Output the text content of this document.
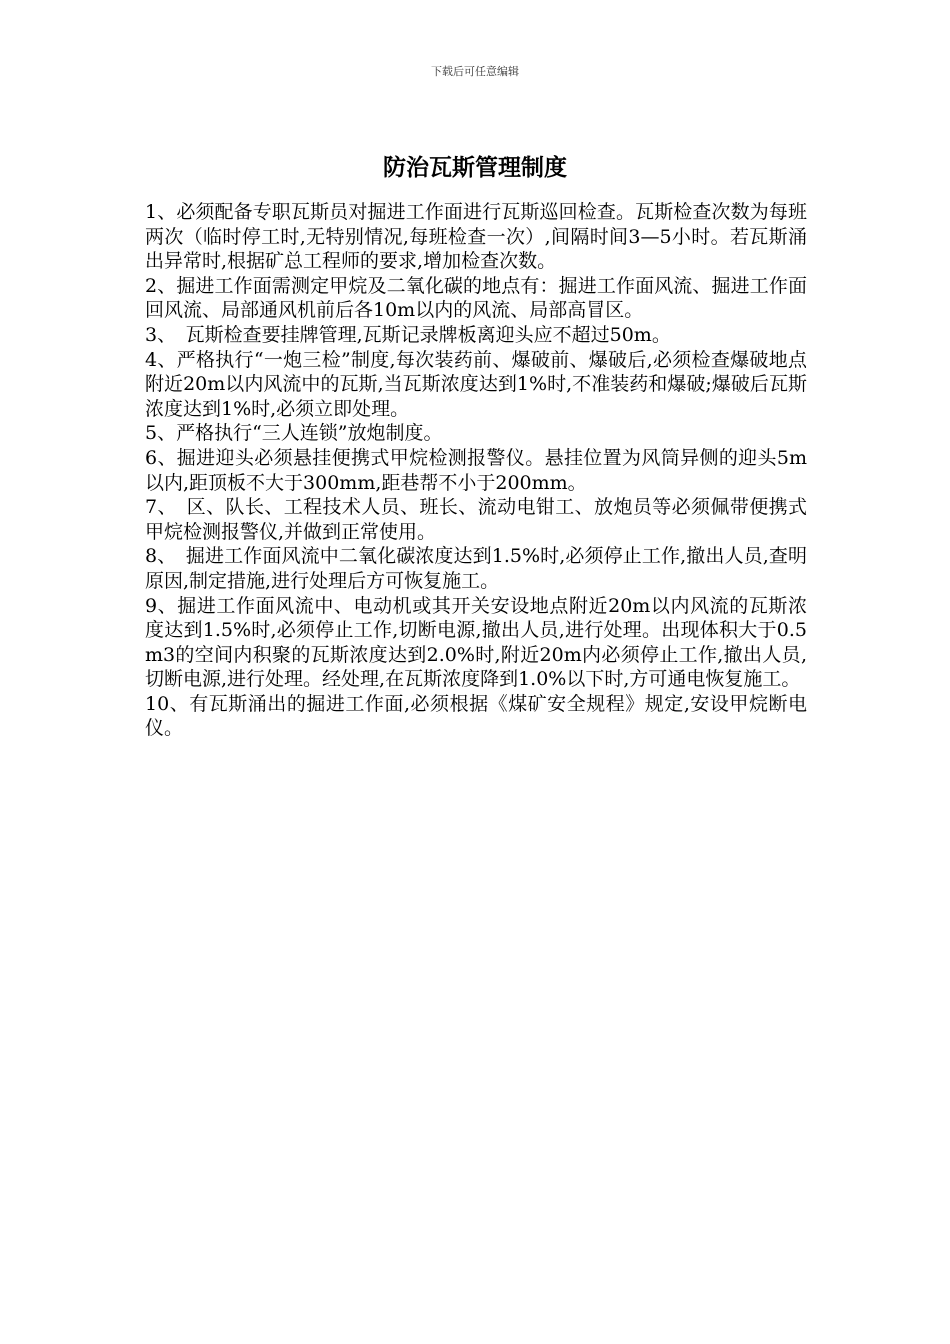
下载后可任意编辑
防治瓦斯管理制度

1、必须配备专职瓦斯员对掘进工作面进行瓦斯巡回检查。瓦斯检查次数为每班两次（临时停工时,无特别情况,每班检查一次）,间隔时间3—5小时。若瓦斯涌出异常时,根据矿总工程师的要求,增加检查次数。

2、掘进工作面需测定甲烷及二氧化碳的地点有：掘进工作面风流、掘进工作面回风流、局部通风机前后各10m以内的风流、局部高冒区。

3、　瓦斯检查要挂牌管理,瓦斯记录牌板离迎头应不超过50m。

4、严格执行“一炮三检”制度,每次装药前、爆破前、爆破后,必须检查爆破地点附近20m以内风流中的瓦斯,当瓦斯浓度达到1%时,不准装药和爆破;爆破后瓦斯浓度达到1%时,必须立即处理。

5、严格执行“三人连锁”放炮制度。

6、掘进迎头必须悬挂便携式甲烷检测报警仪。悬挂位置为风筒异侧的迎头5m以内,距顶板不大于300mm,距巷帮不小于200mm。

7、　区、队长、工程技术人员、班长、流动电钳工、放炮员等必须佩带便携式甲烷检测报警仪,并做到正常使用。

8、　掘进工作面风流中二氧化碳浓度达到1.5%时,必须停止工作,撤出人员,查明原因,制定措施,进行处理后方可恢复施工。

9、掘进工作面风流中、电动机或其开关安设地点附近20m以内风流的瓦斯浓度达到1.5%时,必须停止工作,切断电源,撤出人员,进行处理。出现体积大于0.5m3的空间内积聚的瓦斯浓度达到2.0%时,附近20m内必须停止工作,撤出人员,切断电源,进行处理。经处理,在瓦斯浓度降到1.0%以下时,方可通电恢复施工。

10、有瓦斯涌出的掘进工作面,必须根据《煤矿安全规程》规定,安设甲烷断电仪。
